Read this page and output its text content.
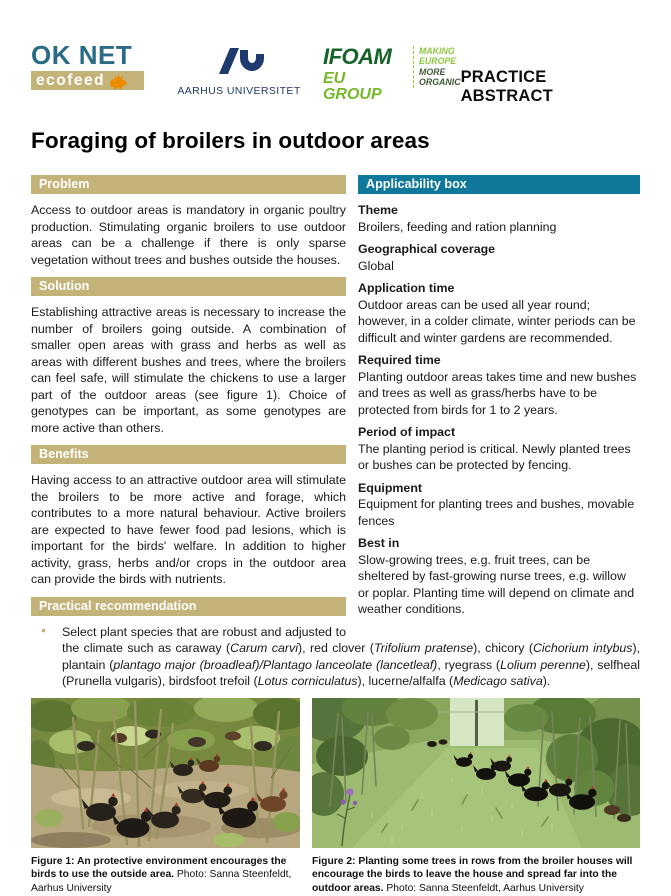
OK NET
ecofeed
AARHUS UNIVERSITET
IFOAM
EU GROUP
MAKING
EUROPE
MORE
ORGANIC PRACTICE ABSTRACT
Foraging of broilers in outdoor areas
Applicability box
Theme
Broilers, feeding and ration planning
Geographical coverage
Global
Application time
Outdoor areas can be used all year round; however, in a colder climate, winter periods can be difficult and winter gardens are recommended.
Required time
Planting outdoor areas takes time and new bushes and trees as well as grass/herbs have to be protected from birds for 1 to 2 years.
Period of impact
The planting period is critical. Newly planted trees or bushes can be protected by fencing.
Equipment
Equipment for planting trees and bushes, movable fences
Best in
Slow-growing trees, e.g. fruit trees, can be sheltered by fast-growing nurse trees, e.g. willow or poplar. Planting time will depend on climate and weather conditions.
Problem

Access to outdoor areas is mandatory in organic poultry production. Stimulating organic broilers to use outdoor areas can be a challenge if there is only sparse vegetation without trees and bushes outside the houses.

Solution

Establishing attractive areas is necessary to increase the number of broilers going outside. A combination of smaller open areas with grass and herbs as well as areas with different bushes and trees, where the broilers can feel safe, will stimulate the chickens to use a larger part of the outdoor areas (see figure 1). Choice of genotypes can be important, as some genotypes are more active than others.

Benefits

Having access to an attractive outdoor area will stimulate the broilers to be more active and forage, which contributes to a more natural behaviour. Active broilers are expected to have fewer food pad lesions, which is important for the birds' welfare. In addition to higher activity, grass, herbs and/or crops in the outdoor area can provide the birds with nutrients.

Practical recommendation
● Select plant species that are robust and adjusted to the climate such as caraway (Carum carvi), red clover (Trifolium pratense), chicory (Cichorium intybus), plantain (plantago major (broadleaf)/Plantago lanceolate (lancetleaf), ryegrass (Lolium perenne), selfheal (Prunella vulgaris), birdsfoot trefoil (Lotus corniculatus), lucerne/alfalfa (Medicago sativa).
Figure 1: An protective environment encourages the birds to use the outside area. Photo: Sanna Steenfeldt, Aarhus University
Figure 2: Planting some trees in rows from the broiler houses will encourage the birds to leave the house and spread far into the outdoor areas. Photo: Sanna Steenfeldt, Aarhus University
